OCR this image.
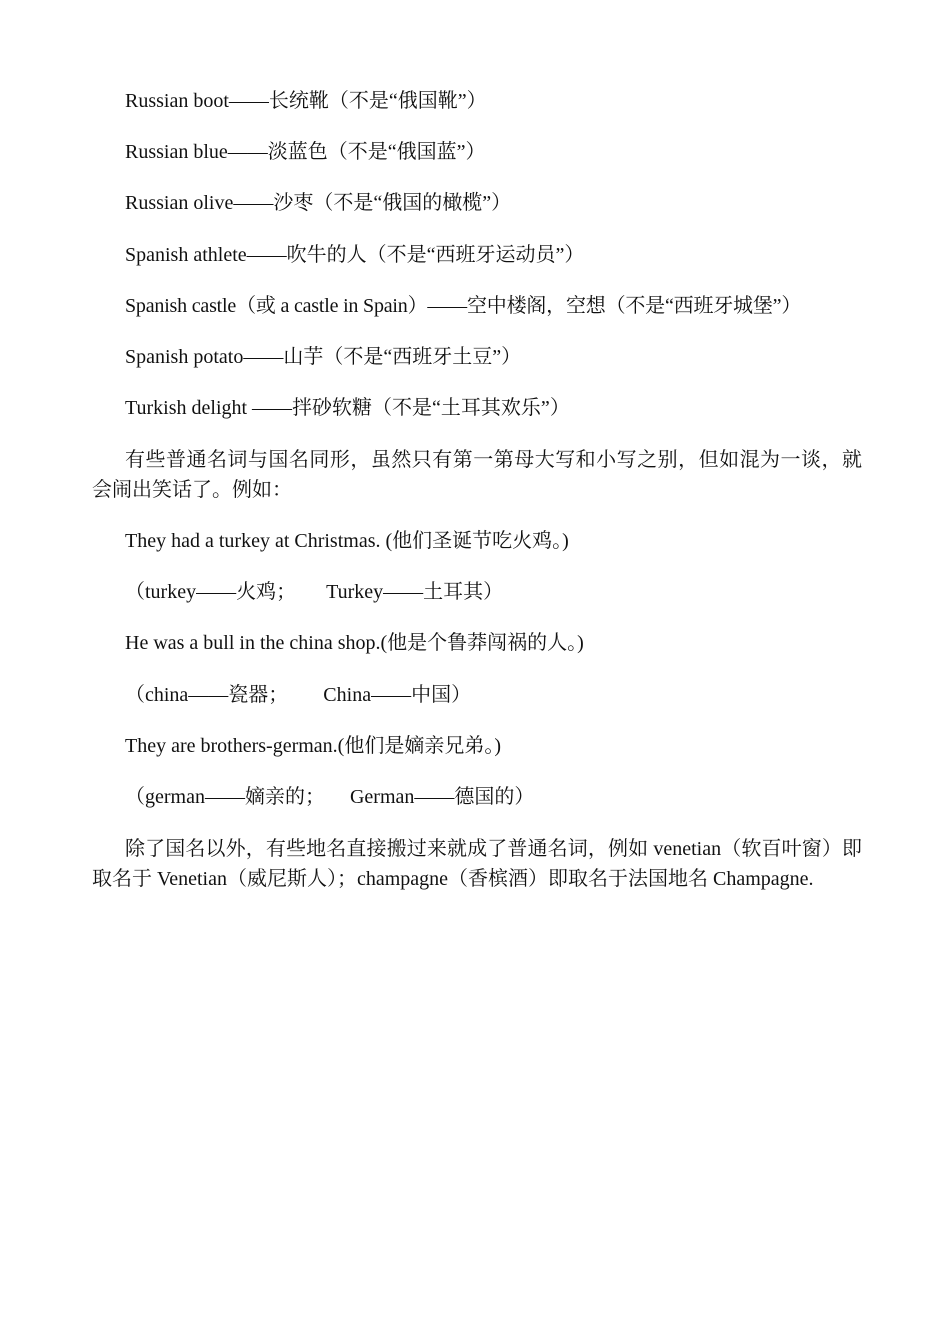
Russian boot——长统靴（不是“俄国靴”）
Russian blue——淡蓝色（不是“俄国蓝”）
Russian olive——沙枣（不是“俄国的橄榄”）
Spanish athlete——吹牛的人（不是“西班牙运动员”）
Spanish castle（或 a castle in Spain）——空中楼阁，空想（不是“西班牙城堡”）
Spanish potato——山芋（不是“西班牙土豆”）
Turkish delight ——拌砂软糖（不是“土耳其欢乐”）
有些普通名词与国名同形，虽然只有第一第母大写和小写之别，但如混为一谈，就会闹出笑话了。例如：
They had a turkey at Christmas. (他们圣诞节吃火鸡。)
（turkey——火鸡；      Turkey——土耳其）
He was a bull in the china shop.(他是个鲁莽闯祸的人。)
（china——瓷器；       China——中国）
They are brothers-german.(他们是嫡亲兄弟。)
（german——嫡亲的；     German——德国的）
除了国名以外，有些地名直接搬过来就成了普通名词，例如 venetian（软百叶窗）即取名于 Venetian（威尼斯人）；champagne（香槟酒）即取名于法国地名 Champagne.
